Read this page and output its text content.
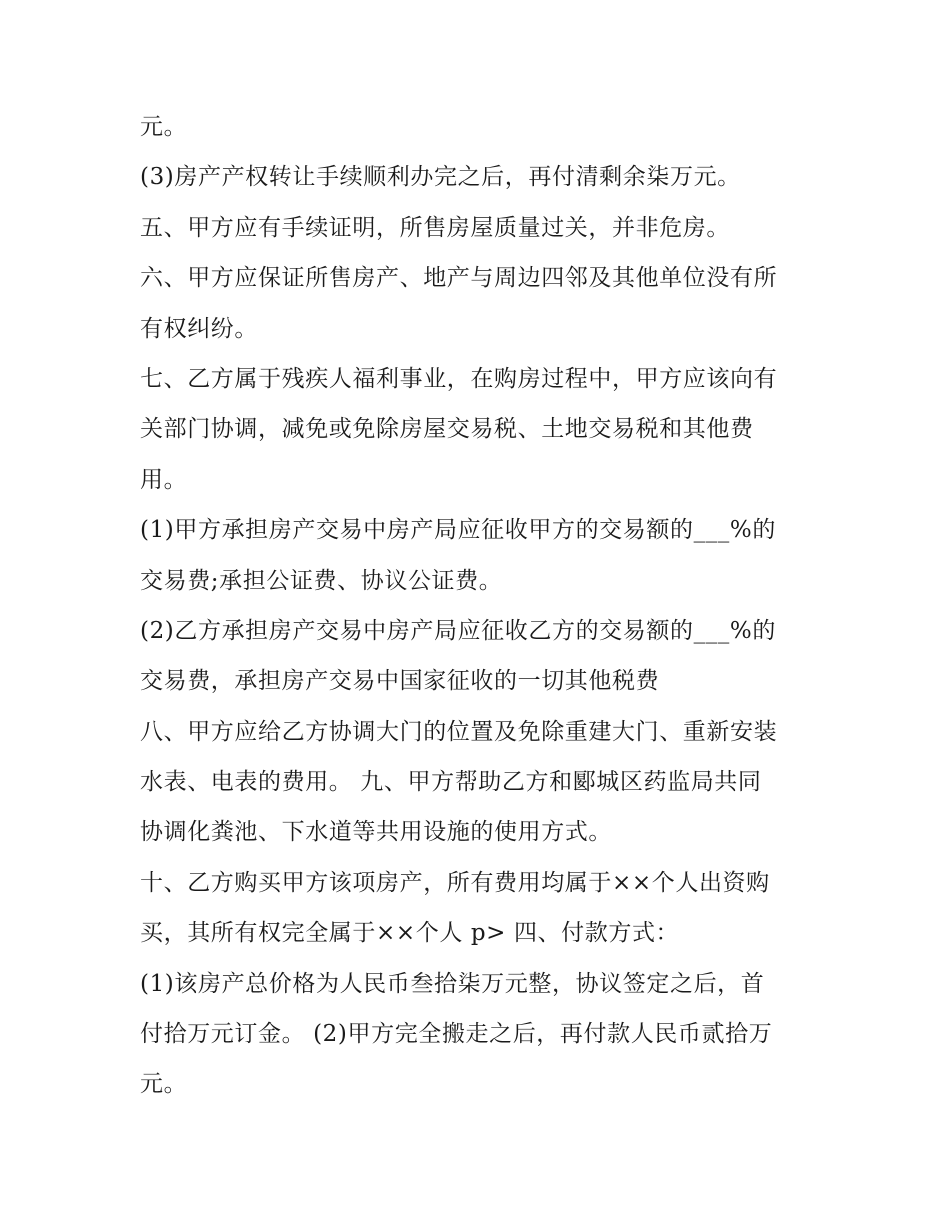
元。
(3)房产产权转让手续顺利办完之后，再付清剩余柒万元。
五、甲方应有手续证明，所售房屋质量过关，并非危房。
六、甲方应保证所售房产、地产与周边四邻及其他单位没有所
有权纠纷。
七、乙方属于残疾人福利事业，在购房过程中，甲方应该向有
关部门协调，减免或免除房屋交易税、土地交易税和其他费
用。
(1)甲方承担房产交易中房产局应征收甲方的交易额的___%的
交易费;承担公证费、协议公证费。
(2)乙方承担房产交易中房产局应征收乙方的交易额的___%的
交易费，承担房产交易中国家征收的一切其他税费
八、甲方应给乙方协调大门的位置及免除重建大门、重新安装
水表、电表的费用。 九、甲方帮助乙方和郾城区药监局共同
协调化粪池、下水道等共用设施的使用方式。
十、乙方购买甲方该项房产，所有费用均属于××个人出资购
买，其所有权完全属于××个人 p> 四、付款方式：
(1)该房产总价格为人民币叁拾柒万元整，协议签定之后，首
付拾万元订金。 (2)甲方完全搬走之后，再付款人民币贰拾万
元。
